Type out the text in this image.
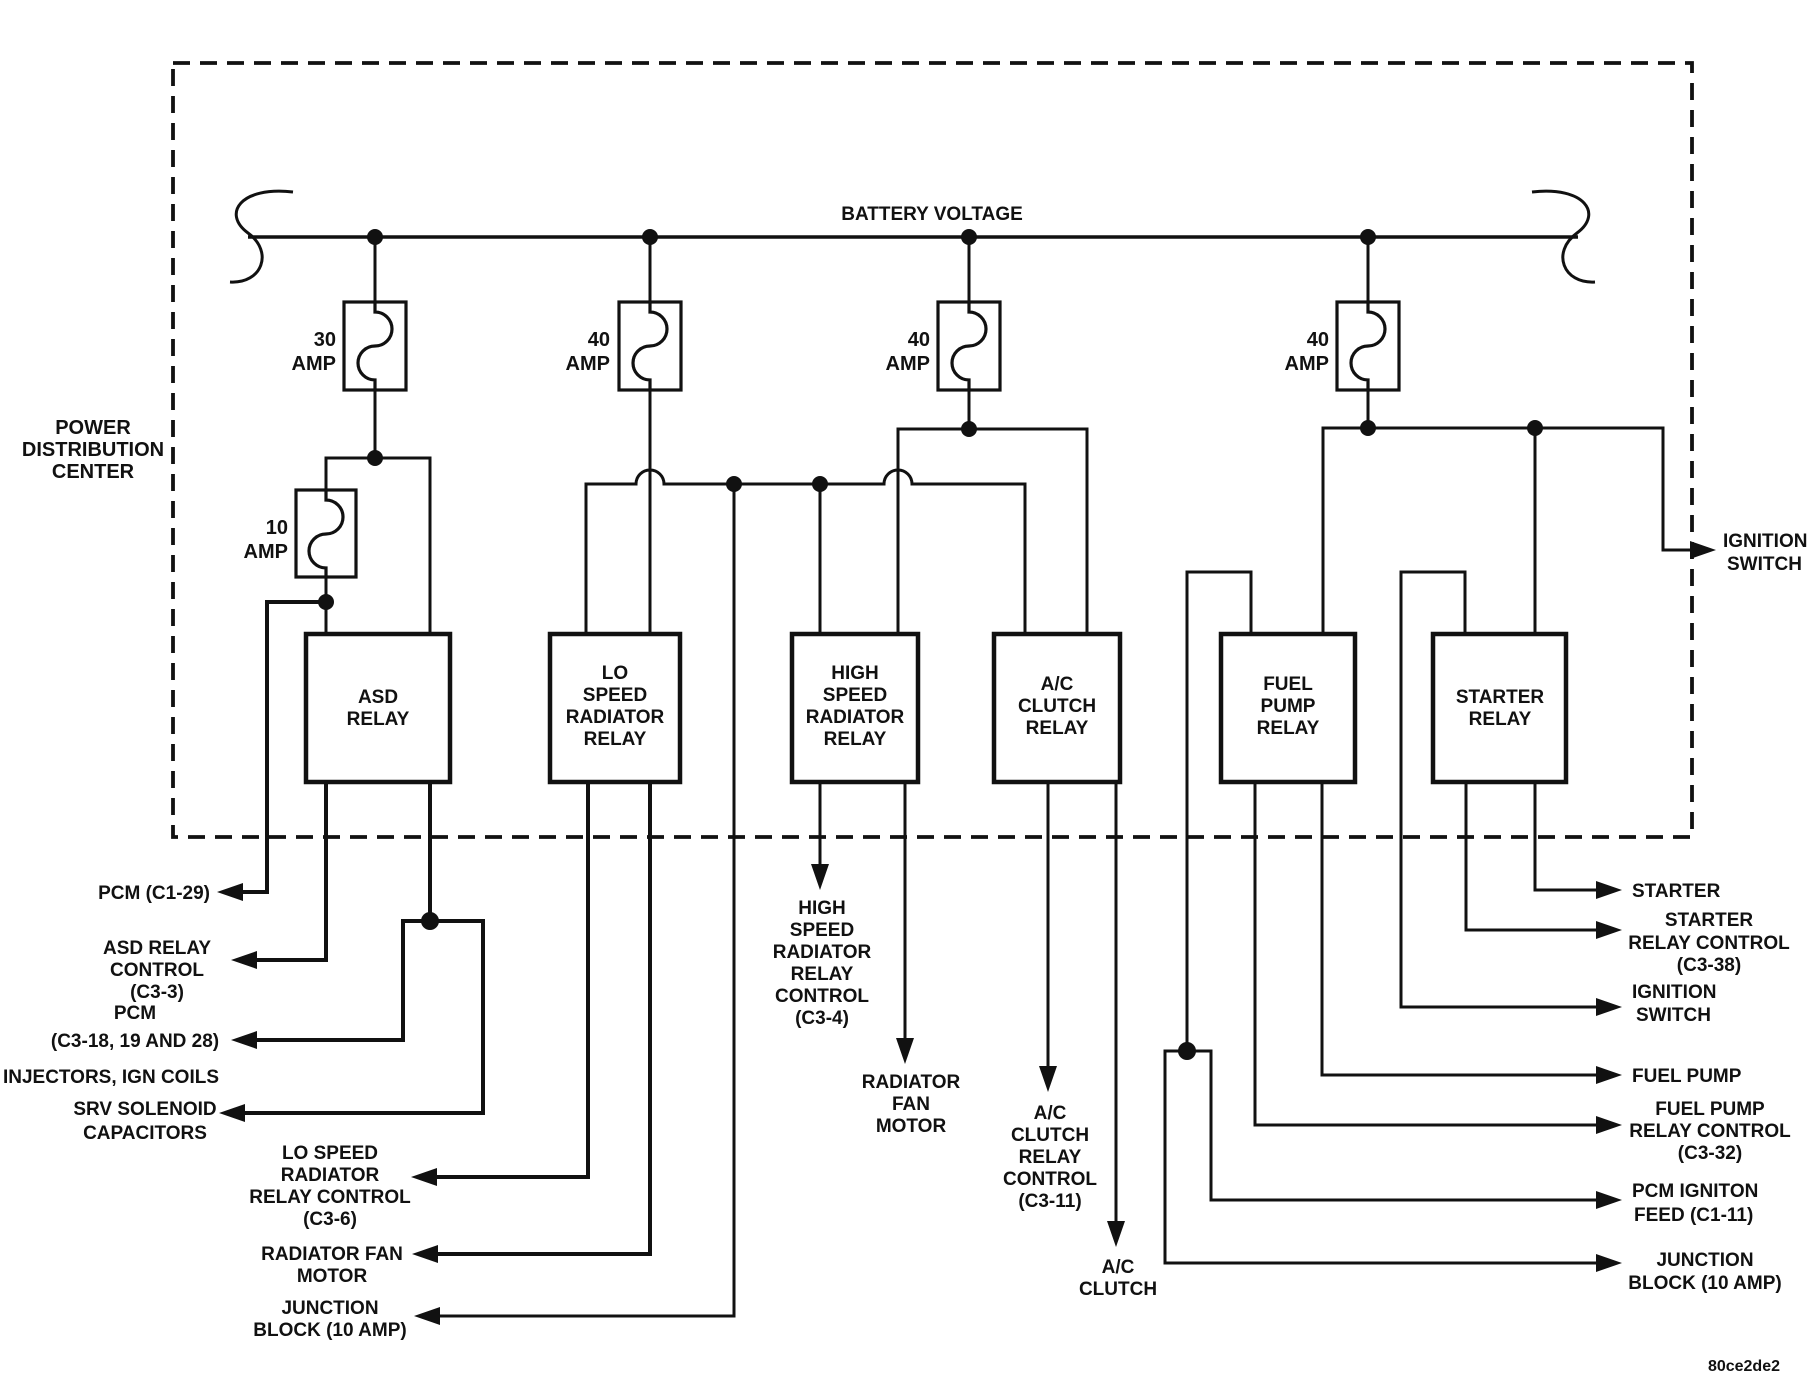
POWER
DISTRIBUTION
CENTER
BATTERY VOLTAGE
30
AMP
40
AMP
40
AMP
40
AMP
10
AMP
ASD
RELAY
LO
SPEED
RADIATOR
RELAY
HIGH
SPEED
RADIATOR
RELAY
A/C
CLUTCH
RELAY
FUEL
PUMP
RELAY
STARTER
RELAY
IGNITION
SWITCH
PCM (C1-29)
ASD RELAY
CONTROL
(C3-3)
PCM
(C3-18, 19 AND 28)
INJECTORS, IGN COILS
SRV SOLENOID
CAPACITORS
LO SPEED
RADIATOR
RELAY CONTROL
(C3-6)
RADIATOR FAN
MOTOR
JUNCTION
BLOCK (10 AMP)
HIGH
SPEED
RADIATOR
RELAY
CONTROL
(C3-4)
RADIATOR
FAN
MOTOR
A/C
CLUTCH
RELAY
CONTROL
(C3-11)
A/C
CLUTCH
STARTER
STARTER
RELAY CONTROL
(C3-38)
IGNITION
SWITCH
FUEL PUMP
FUEL PUMP
RELAY CONTROL
(C3-32)
PCM IGNITON
FEED (C1-11)
JUNCTION
BLOCK (10 AMP)
80ce2de2
